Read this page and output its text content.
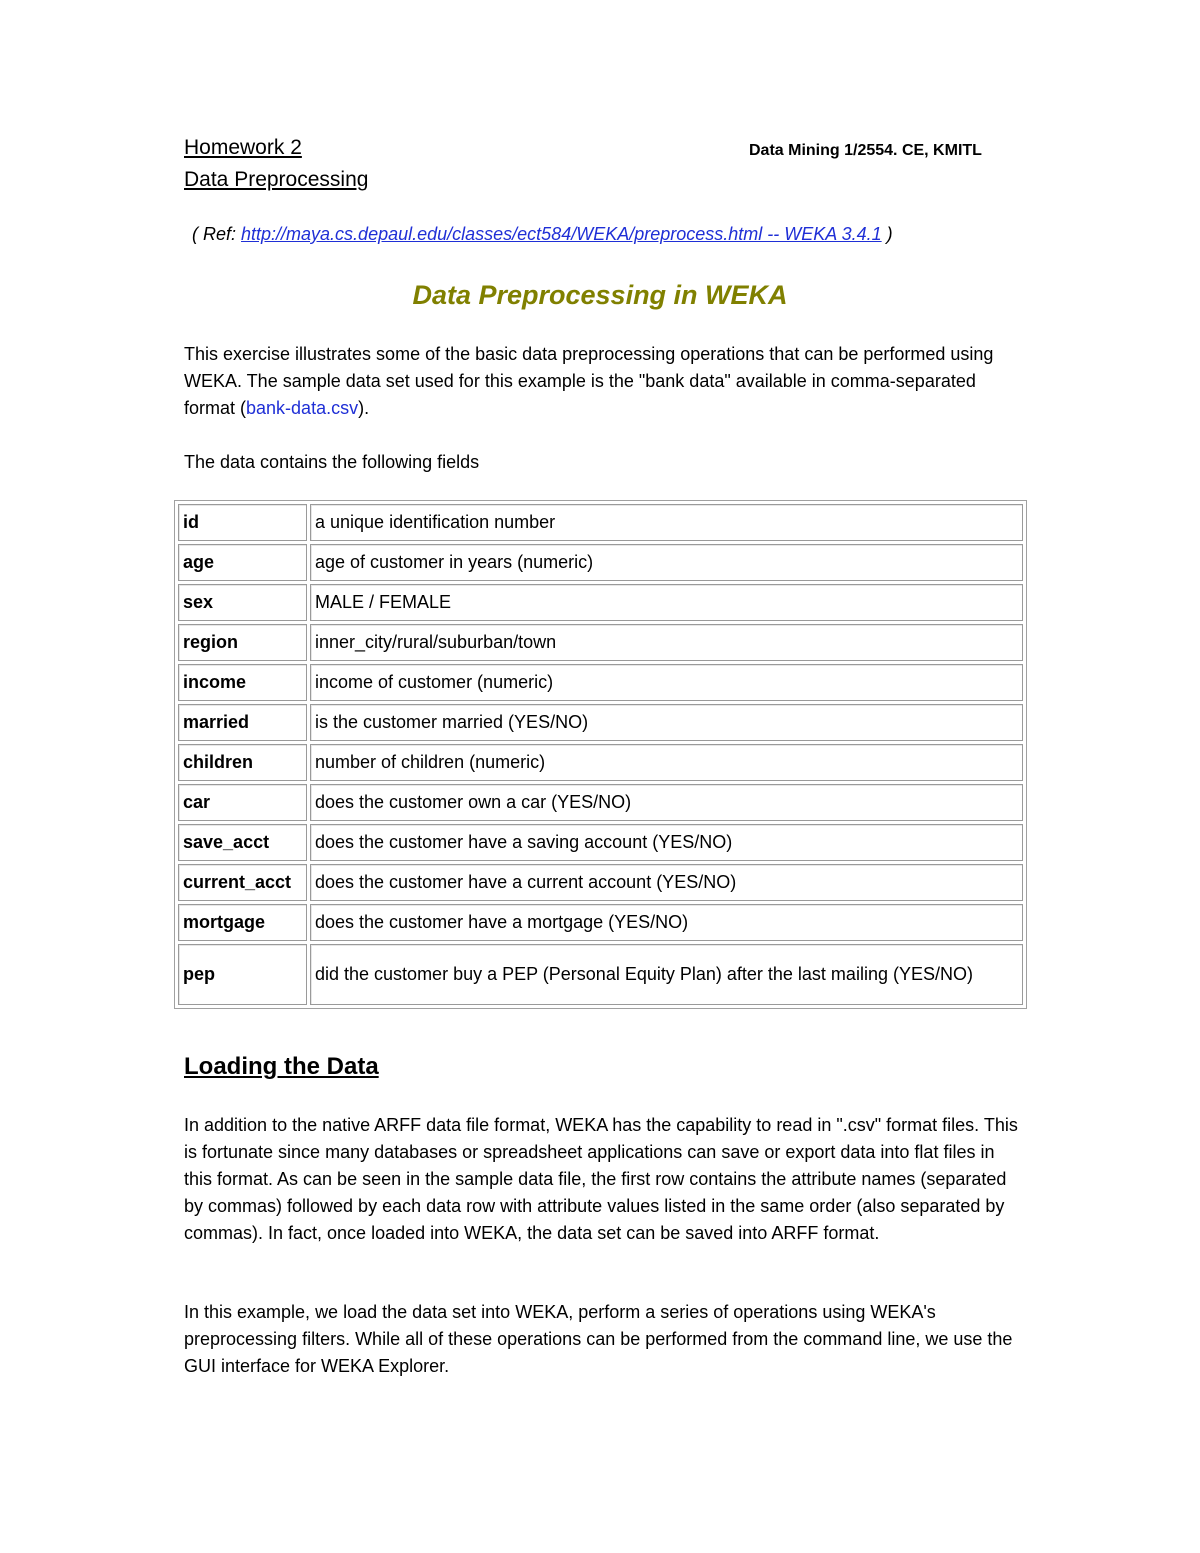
Homework 2
Data Preprocessing
Data Mining 1/2554. CE, KMITL
( Ref: http://maya.cs.depaul.edu/classes/ect584/WEKA/preprocess.html -- WEKA 3.4.1 )
Data Preprocessing in WEKA
This exercise illustrates some of the basic data preprocessing operations that can be performed using WEKA. The sample data set used for this example is the "bank data" available in comma-separated format (bank-data.csv).
The data contains the following fields
id	a unique identification number
age	age of customer in years (numeric)
sex	MALE / FEMALE
region	inner_city/rural/suburban/town
income	income of customer (numeric)
married	is the customer married (YES/NO)
children	number of children (numeric)
car	does the customer own a car (YES/NO)
save_acct	does the customer have a saving account (YES/NO)
current_acct	does the customer have a current account (YES/NO)
mortgage	does the customer have a mortgage (YES/NO)
pep	did the customer buy a PEP (Personal Equity Plan) after the last mailing (YES/NO)
Loading the Data
In addition to the native ARFF data file format, WEKA has the capability to read in ".csv" format files. This is fortunate since many databases or spreadsheet applications can save or export data into flat files in this format. As can be seen in the sample data file, the first row contains the attribute names (separated by commas) followed by each data row with attribute values listed in the same order (also separated by commas). In fact, once loaded into WEKA, the data set can be saved into ARFF format.
In this example, we load the data set into WEKA, perform a series of operations using WEKA's preprocessing filters. While all of these operations can be performed from the command line, we use the GUI interface for WEKA Explorer.
